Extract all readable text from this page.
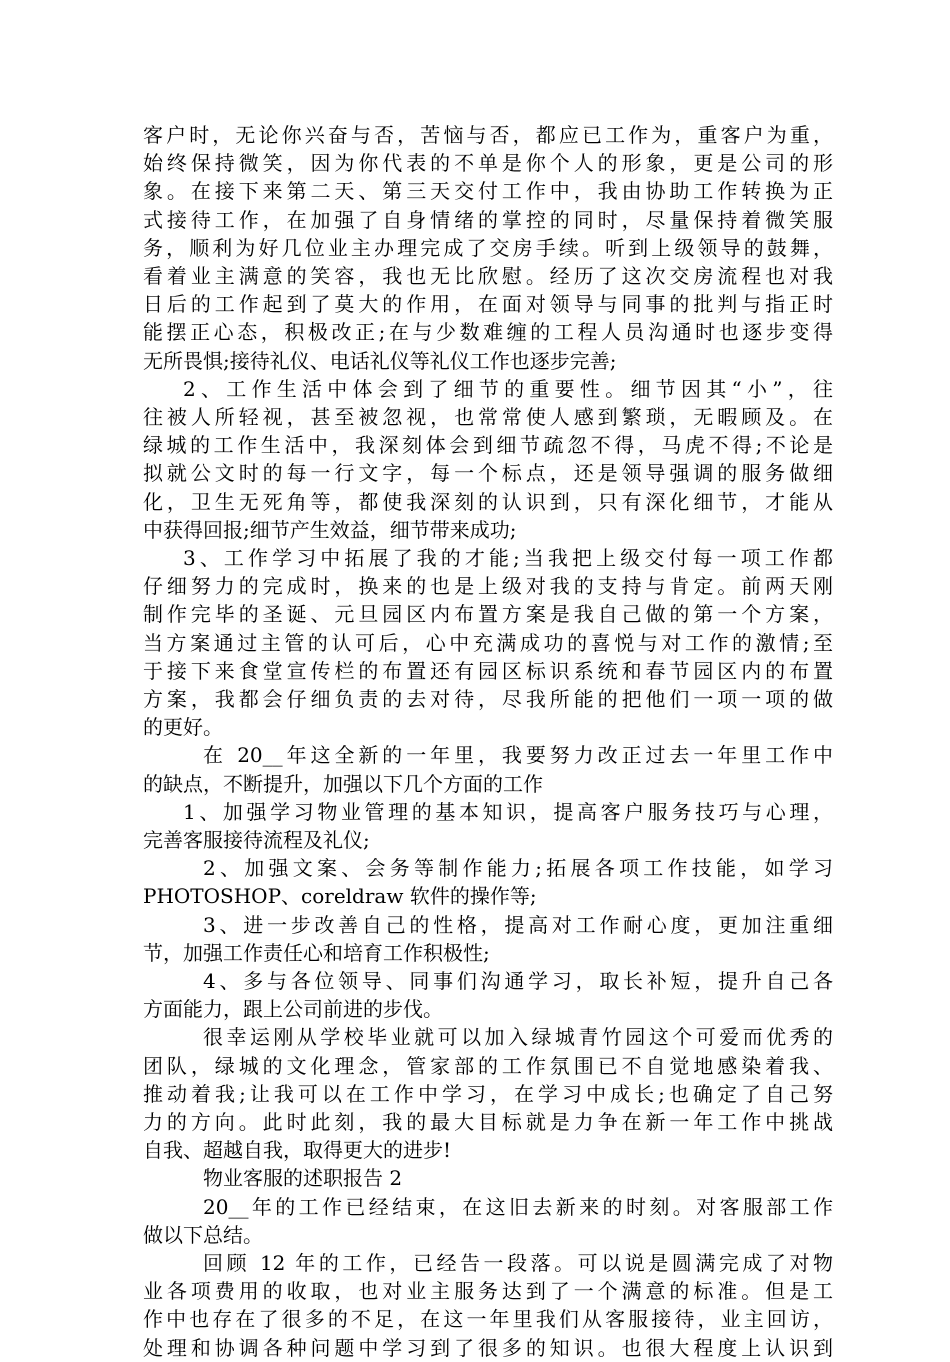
客户时，无论你兴奋与否，苦恼与否，都应已工作为，重客户为重，

始终保持微笑，因为你代表的不单是你个人的形象，更是公司的形

象。在接下来第二天、第三天交付工作中，我由协助工作转换为正

式接待工作，在加强了自身情绪的掌控的同时，尽量保持着微笑服

务，顺利为好几位业主办理完成了交房手续。听到上级领导的鼓舞，

看着业主满意的笑容，我也无比欣慰。经历了这次交房流程也对我

日后的工作起到了莫大的作用，在面对领导与同事的批判与指正时

能摆正心态，积极改正;在与少数难缠的工程人员沟通时也逐步变得

无所畏惧;接待礼仪、电话礼仪等礼仪工作也逐步完善;

2、工作生活中体会到了细节的重要性。细节因其“小”，往

往被人所轻视，甚至被忽视，也常常使人感到繁琐，无暇顾及。在

绿城的工作生活中，我深刻体会到细节疏忽不得，马虎不得;不论是

拟就公文时的每一行文字，每一个标点，还是领导强调的服务做细

化，卫生无死角等，都使我深刻的认识到，只有深化细节，才能从

中获得回报;细节产生效益，细节带来成功;

3、工作学习中拓展了我的才能;当我把上级交付每一项工作都

仔细努力的完成时，换来的也是上级对我的支持与肯定。前两天刚

制作完毕的圣诞、元旦园区内布置方案是我自己做的第一个方案，

当方案通过主管的认可后，心中充满成功的喜悦与对工作的激情;至

于接下来食堂宣传栏的布置还有园区标识系统和春节园区内的布置

方案，我都会仔细负责的去对待，尽我所能的把他们一项一项的做

的更好。

在 20__年这全新的一年里，我要努力改正过去一年里工作中

的缺点，不断提升，加强以下几个方面的工作

1、加强学习物业管理的基本知识，提高客户服务技巧与心理，

完善客服接待流程及礼仪;

2、加强文案、会务等制作能力;拓展各项工作技能，如学习

PHOTOSHOP、coreldraw 软件的操作等;

3、进一步改善自己的性格，提高对工作耐心度，更加注重细

节，加强工作责任心和培育工作积极性;

4、多与各位领导、同事们沟通学习，取长补短，提升自己各

方面能力，跟上公司前进的步伐。

很幸运刚从学校毕业就可以加入绿城青竹园这个可爱而优秀的

团队，绿城的文化理念，管家部的工作氛围已不自觉地感染着我、

推动着我;让我可以在工作中学习，在学习中成长;也确定了自己努

力的方向。此时此刻，我的最大目标就是力争在新一年工作中挑战

自我、超越自我，取得更大的进步!

物业客服的述职报告 2

20__年的工作已经结束，在这旧去新来的时刻。对客服部工作

做以下总结。

回顾 12 年的工作，已经告一段落。可以说是圆满完成了对物

业各项费用的收取，也对业主服务达到了一个满意的标准。但是工

作中也存在了很多的不足，在这一年里我们从客服接待，业主回访，

处理和协调各种问题中学习到了很多的知识。也很大程度上认识到
